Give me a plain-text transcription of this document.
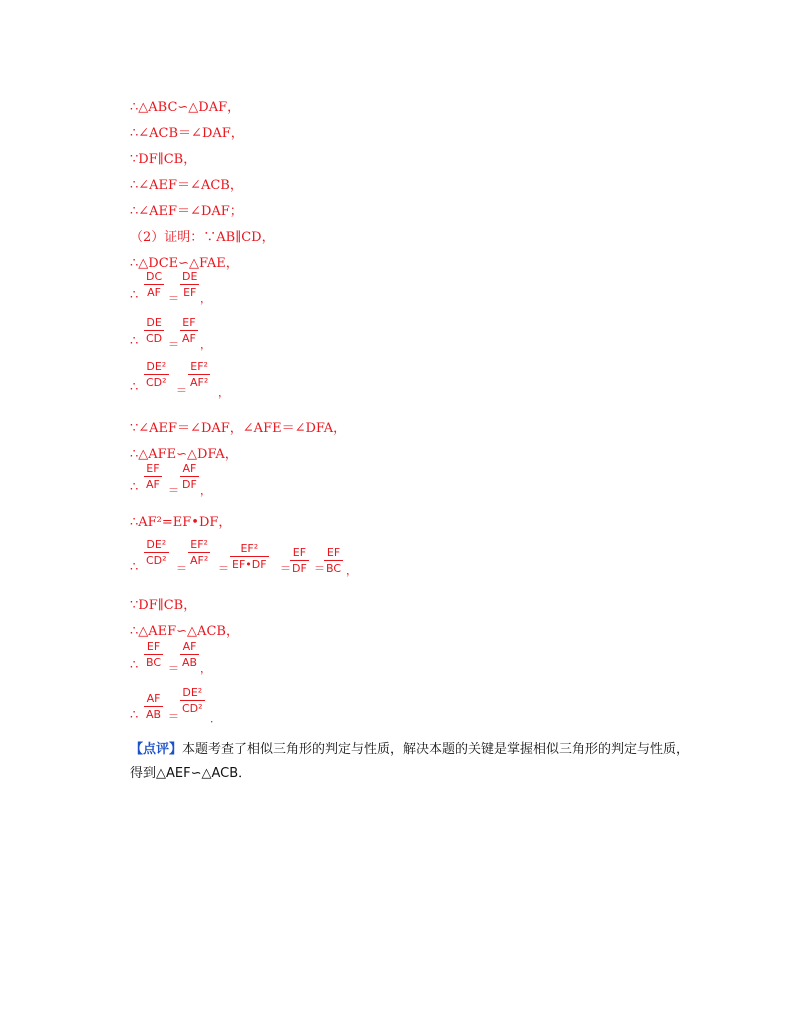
∴△ABC∽△DAF，
∴∠ACB＝∠DAF，
∵DF∥CB，
∴∠AEF＝∠ACB，
∴∠AEF＝∠DAF；
（2）证明：∵AB∥CD，
∴△DCE∽△FAE，
∴
DC
AF ＝
DE
EF ，
∴
DE
CD ＝
EF
AF ，
∴
DE²
CD²
＝
EF²
AF²
，
∵∠AEF＝∠DAF，∠AFE＝∠DFA，
∴△AFE∽△DFA，
∴
EF
AF ＝
AF
DF ，
∴AF²=EF•DF，
∴
DE²
CD²
＝
EF²
AF²
＝
EF²
EF•DF ＝
EF
DF ＝
EF
BC ，
∵DF∥CB，
∴△AEF∽△ACB，
∴
EF
BC ＝
AF
AB ，
∴
AF
AB ＝
DE²
CD²
．
【点评】本题考查了相似三角形的判定与性质，解决本题的关键是掌握相似三角形的判定与性质，得到△AEF∽△ACB．
